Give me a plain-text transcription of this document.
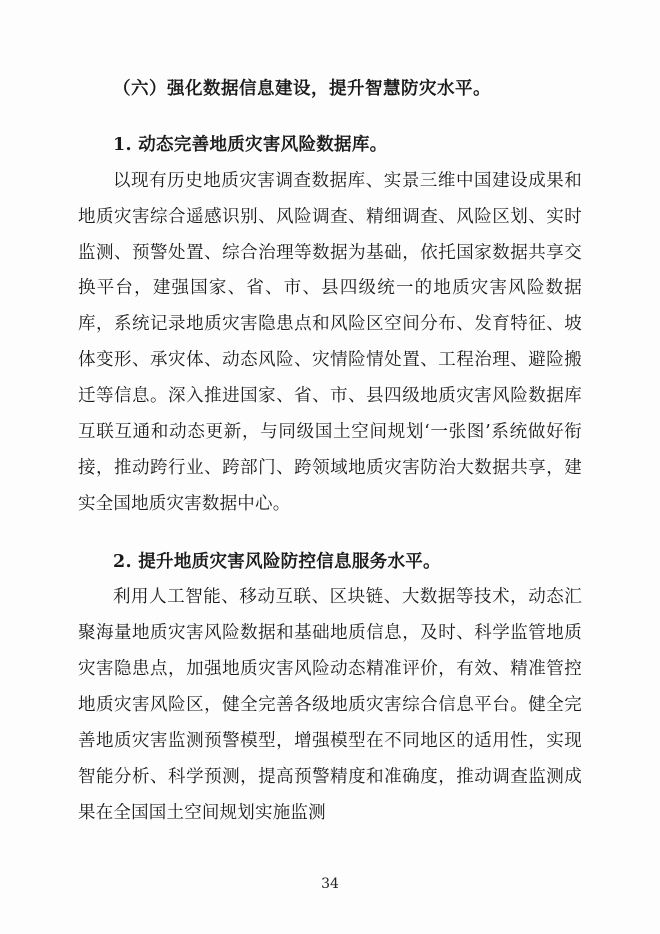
（六）强化数据信息建设，提升智慧防灾水平。

1. 动态完善地质灾害风险数据库。

以现有历史地质灾害调查数据库、实景三维中国建设成果和地质灾害综合遥感识别、风险调查、精细调查、风险区划、实时监测、预警处置、综合治理等数据为基础，依托国家数据共享交换平台，建强国家、省、市、县四级统一的地质灾害风险数据库，系统记录地质灾害隐患点和风险区空间分布、发育特征、坡体变形、承灾体、动态风险、灾情险情处置、工程治理、避险搬迁等信息。深入推进国家、省、市、县四级地质灾害风险数据库互联互通和动态更新，与同级国土空间规划‘一张图’系统做好衔接，推动跨行业、跨部门、跨领域地质灾害防治大数据共享，建实全国地质灾害数据中心。

2. 提升地质灾害风险防控信息服务水平。

利用人工智能、移动互联、区块链、大数据等技术，动态汇聚海量地质灾害风险数据和基础地质信息，及时、科学监管地质灾害隐患点，加强地质灾害风险动态精准评价，有效、精准管控地质灾害风险区，健全完善各级地质灾害综合信息平台。健全完善地质灾害监测预警模型，增强模型在不同地区的适用性，实现智能分析、科学预测，提高预警精度和准确度，推动调查监测成果在全国国土空间规划实施监测

34
